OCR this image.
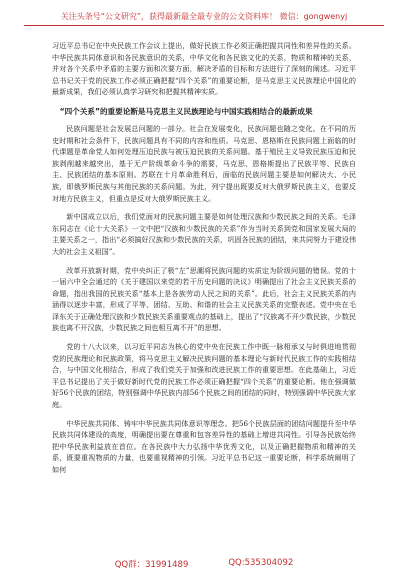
关注头条号“公文研究”，获得最新最全最专业的公文资料库！ 微信：gongwenyj

习近平总书记在中央民族工作会议上提出，做好民族工作必须正确把握共同性和差异性的关系。中华民族共同体意识和各民族意识的关系，中华文化和各民族文化的关系，物质和精神的关系，并对各个关系中矛盾的主要方面和次要方面，解决矛盾的目标和方法进行了深刻的阐述。习近平总书记关于党的民族工作必须正确把握“四个关系”的重要论断，是马克思主义民族理论中国化的最新成果，我们必须认真学习研究和把握其精神实质。

“四个关系”的重要论断是马克思主义民族理论与中国实践相结合的最新成果

民族问题是社会发展总问题的一部分。社会在发展变化，民族问题也随之变化。在不同的历史时期和社会条件下，民族问题具有不同的内容和性质。马克思、恩格斯在民族问题上面临的时代课题是革命党人如何处理压迫民族与被压迫民族的关系问题。基于殖民主义导致民族压迫和民族剥削越来越突出，基于无产阶级革命斗争的需要，马克思、恩格斯提出了民族平等、民族自主、民族团结的基本原则。苏联在十月革命胜利后，面临的民族问题主要是如何解决大、小民族，即俄罗斯民族与其他民族的关系问题。为此，列宁提出既要反对大俄罗斯民族主义，也要反对地方民族主义，但重点是反对大俄罗斯民族主义。

新中国成立以后，我们党面对的民族问题主要是如何处理汉族和少数民族之间的关系。毛泽东同志在《论十大关系》一文中把“汉族和少数民族的关系”作为当时关系到党和国家发展大局的主要关系之一，指出“必须搞好汉族和少数民族的关系，巩固各民族的团结，来共同努力于建设伟大的社会主义祖国”。

改革开放新时期，党中央纠正了极“左”思潮将民族问题的实质定为阶级问题的错误。党的十一届六中全会通过的《关于建国以来党的若干历史问题的决议》明确提出了社会主义民族关系的命题，指出我国的民族关系“基本上是各族劳动人民之间的关系”。此后，社会主义民族关系的内涵得以逐步丰富，形成了平等、团结、互助、和谐的社会主义民族关系的完整表述。党中央在毛泽东关于正确处理汉族和少数民族关系重要观点的基础上，提出了“汉族离不开少数民族，少数民族也离不开汉族，少数民族之间也相互离不开”的思想。

党的十八大以来，以习近平同志为核心的党中央在民族工作中既一脉相承又与时俱进地贯彻党的民族理论和民族政策，将马克思主义解决民族问题的基本理论与新时代民族工作的实践相结合，与中国文化相结合，形成了我们党关于加强和改进民族工作的重要思想。在此基础上，习近平总书记提出了关于做好新时代党的民族工作必须正确把握“四个关系”的重要论断。他在强调做好56个民族的团结，特别强调中华民族内部56个民族之间的团结的同时，特别强调中华民族大家庭。

中华民族共同体、铸牢中华民族共同体意识等理念。把56个民族层面的团结问题提升至中华民族共同体建设的高度，明确提出要在尊重和包容差异性的基础上增进共同性。引导各民族始终把中华民族利益放在首位。在各民族中大力弘扬中华优秀文化，以及正确把握物质和精神的关系，既要重视物质的力量，也要重视精神的引领。习近平总书记这一重要论断，科学系统阐明了如何

QQ群：31991489	QQ:535304092
